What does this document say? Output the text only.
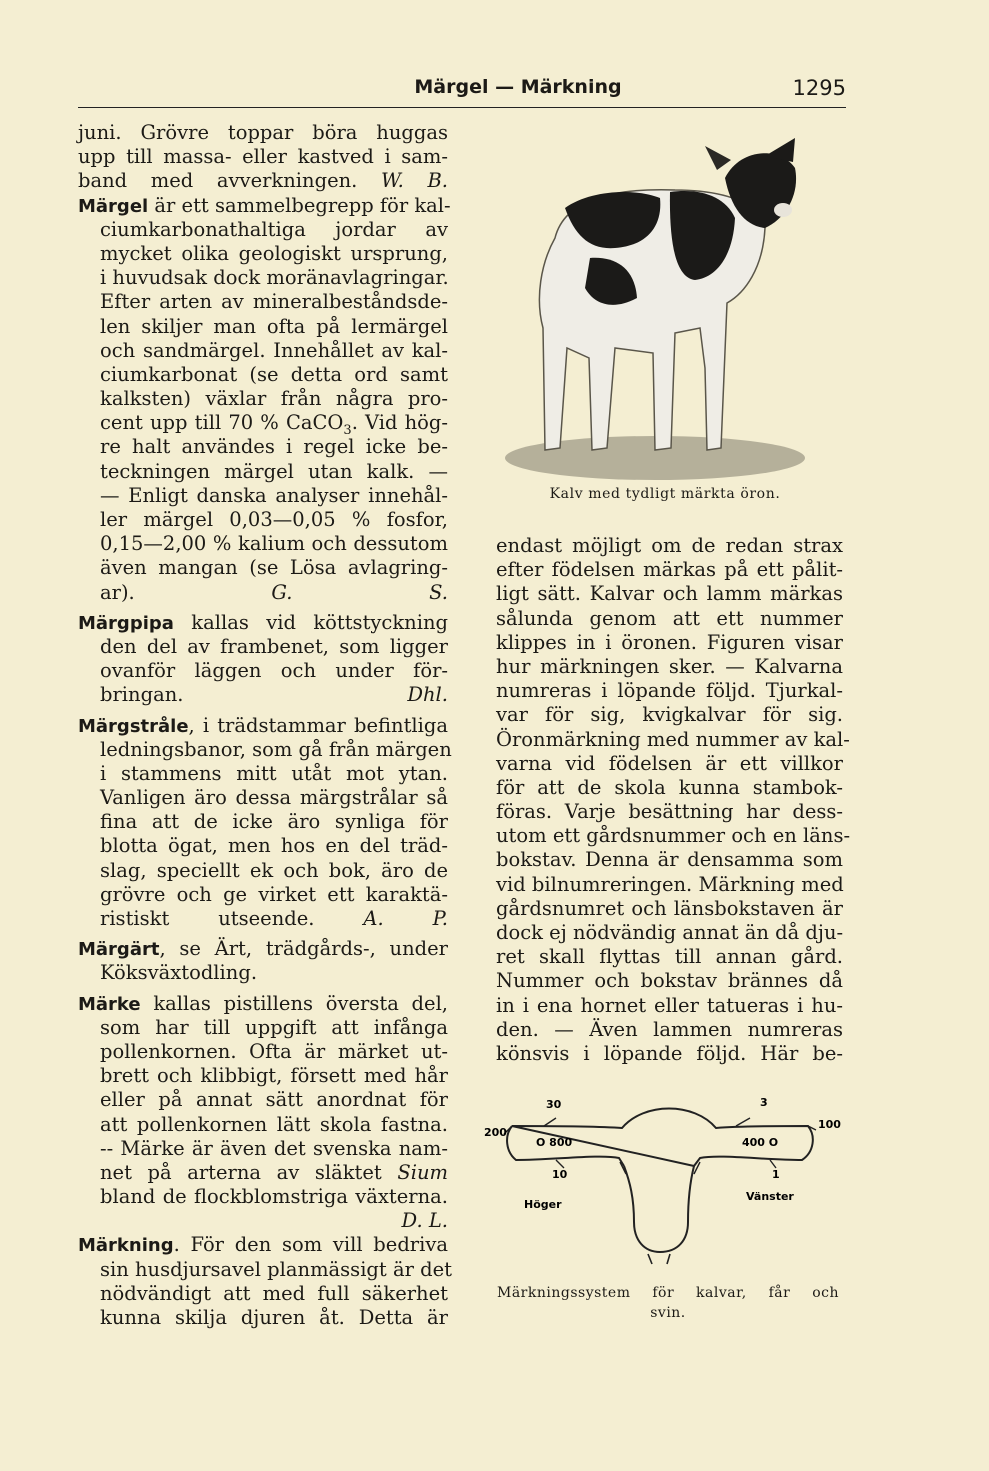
Märgel — Märkning	1295
juni. Grövre toppar böra huggas
upp till massa- eller kastved i sam-
band med avverkningen. W. B.
Märgel är ett sammelbegrepp för kal-
ciumkarbonathaltiga jordar av
mycket olika geologiskt ursprung,
i huvudsak dock moränavlagringar.
Efter arten av mineralbeståndsde-
len skiljer man ofta på lermärgel
och sandmärgel. Innehållet av kal-
ciumkarbonat (se detta ord samt
kalksten) växlar från några pro-
cent upp till 70 % CaCO$_3$. Vid hög-
re halt användes i regel icke be-
teckningen märgel utan kalk. —
— Enligt danska analyser innehål-
ler märgel 0,03—0,05 % fosfor,
0,15—2,00 % kalium och dessutom
även mangan (se Lösa avlagring-
ar).	G. S.
Märgpipa kallas vid köttstyckning
den del av frambenet, som ligger
ovanför läggen och under för-
bringan.	Dhl.
Märgstråle, i trädstammar befintliga
ledningsbanor, som gå från märgen
i stammens mitt utåt mot ytan.
Vanligen äro dessa märgstrålar så
fina att de icke äro synliga för
blotta ögat, men hos en del träd-
slag, speciellt ek och bok, äro de
grövre och ge virket ett karaktä-
ristiskt utseende.	A. P.
Märgärt, se Ärt, trädgårds-, under
Köksväxtodling.
Märke kallas pistillens översta del,
som har till uppgift att infånga
pollenkornen. Ofta är märket ut-
brett och klibbigt, försett med hår
eller på annat sätt anordnat för
att pollenkornen lätt skola fastna.
-- Märke är även det svenska nam-
net på arterna av släktet Sium
bland de flockblomstriga växterna.
D. L.
Märkning. För den som vill bedriva
sin husdjursavel planmässigt är det
nödvändigt att med full säkerhet
kunna skilja djuren åt. Detta är
Kalv med tydligt märkta öron.
endast möjligt om de redan strax
efter födelsen märkas på ett pålit-
ligt sätt. Kalvar och lamm märkas
sålunda genom att ett nummer
klippes in i öronen. Figuren visar
hur märkningen sker. — Kalvarna
numreras i löpande följd. Tjurkal-
var för sig, kvigkalvar för sig.
Öronmärkning med nummer av kal-
varna vid födelsen är ett villkor
för att de skola kunna stambok-
föras. Varje besättning har dess-
utom ett gårdsnummer och en läns-
bokstav. Denna är densamma som
vid bilnumreringen. Märkning med
gårdsnumret och länsbokstaven är
dock ej nödvändig annat än då dju-
ret skall flyttas till annan gård.
Nummer och bokstav brännes då
in i ena hornet eller tatueras i hu-
den. — Även lammen numreras
könsvis i löpande följd. Här be-
30	3
200
100
O 800	400 O
10	1
Höger
Vänster
Märkningssystem för kalvar, får och
svin.
